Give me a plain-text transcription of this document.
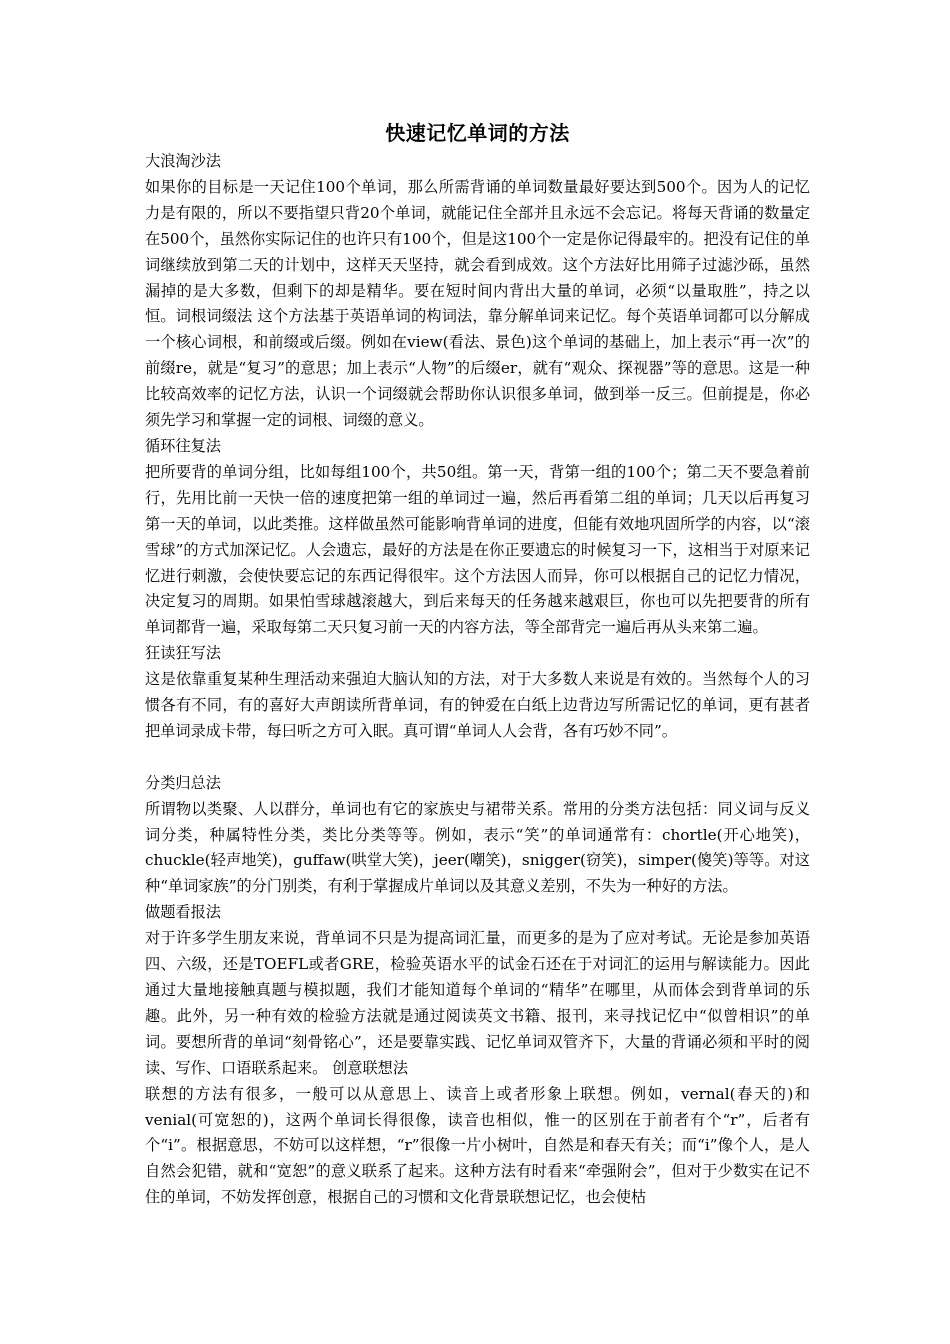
快速记忆单词的方法

大浪淘沙法

如果你的目标是一天记住100个单词，那么所需背诵的单词数量最好要达到500个。因为人的记忆力是有限的，所以不要指望只背20个单词，就能记住全部并且永远不会忘记。将每天背诵的数量定在500个，虽然你实际记住的也许只有100个，但是这100个一定是你记得最牢的。把没有记住的单词继续放到第二天的计划中，这样天天坚持，就会看到成效。这个方法好比用筛子过滤沙砾，虽然漏掉的是大多数，但剩下的却是精华。要在短时间内背出大量的单词，必须“以量取胜”，持之以恒。词根词缀法 这个方法基于英语单词的构词法，靠分解单词来记忆。每个英语单词都可以分解成一个核心词根，和前缀或后缀。例如在view(看法、景色)这个单词的基础上，加上表示“再一次”的前缀re，就是“复习”的意思；加上表示“人物”的后缀er，就有“观众、探视器”等的意思。这是一种比较高效率的记忆方法，认识一个词缀就会帮助你认识很多单词，做到举一反三。但前提是，你必须先学习和掌握一定的词根、词缀的意义。

循环往复法

把所要背的单词分组，比如每组100个，共50组。第一天，背第一组的100个；第二天不要急着前行，先用比前一天快一倍的速度把第一组的单词过一遍，然后再看第二组的单词；几天以后再复习第一天的单词，以此类推。这样做虽然可能影响背单词的进度，但能有效地巩固所学的内容，以“滚雪球”的方式加深记忆。人会遗忘，最好的方法是在你正要遗忘的时候复习一下，这相当于对原来记忆进行刺激，会使快要忘记的东西记得很牢。这个方法因人而异，你可以根据自己的记忆力情况，决定复习的周期。如果怕雪球越滚越大，到后来每天的任务越来越艰巨，你也可以先把要背的所有单词都背一遍，采取每第二天只复习前一天的内容方法，等全部背完一遍后再从头来第二遍。

狂读狂写法

这是依靠重复某种生理活动来强迫大脑认知的方法，对于大多数人来说是有效的。当然每个人的习惯各有不同，有的喜好大声朗读所背单词，有的钟爱在白纸上边背边写所需记忆的单词，更有甚者把单词录成卡带，每曰听之方可入眠。真可谓“单词人人会背，各有巧妙不同”。

分类归总法

所谓物以类聚、人以群分，单词也有它的家族史与裙带关系。常用的分类方法包括：同义词与反义词分类，种属特性分类，类比分类等等。例如，表示“笑”的单词通常有：chortle(开心地笑)，chuckle(轻声地笑)，guffaw(哄堂大笑)，jeer(嘲笑)，snigger(窃笑)，simper(傻笑)等等。对这种“单词家族”的分门别类，有利于掌握成片单词以及其意义差别，不失为一种好的方法。

做题看报法

对于许多学生朋友来说，背单词不只是为提高词汇量，而更多的是为了应对考试。无论是参加英语四、六级，还是TOEFL或者GRE，检验英语水平的试金石还在于对词汇的运用与解读能力。因此通过大量地接触真题与模拟题，我们才能知道每个单词的“精华”在哪里，从而体会到背单词的乐趣。此外，另一种有效的检验方法就是通过阅读英文书籍、报刊，来寻找记忆中“似曾相识”的单词。要想所背的单词“刻骨铭心”，还是要靠实践、记忆单词双管齐下，大量的背诵必须和平时的阅读、写作、口语联系起来。 创意联想法

联想的方法有很多，一般可以从意思上、读音上或者形象上联想。例如，vernal(春天的)和venial(可宽恕的)，这两个单词长得很像，读音也相似，惟一的区别在于前者有个“r”，后者有个“i”。根据意思，不妨可以这样想，“r”很像一片小树叶，自然是和春天有关；而“i”像个人，是人自然会犯错，就和“宽恕”的意义联系了起来。这种方法有时看来“牵强附会”，但对于少数实在记不住的单词，不妨发挥创意，根据自己的习惯和文化背景联想记忆，也会使枯
